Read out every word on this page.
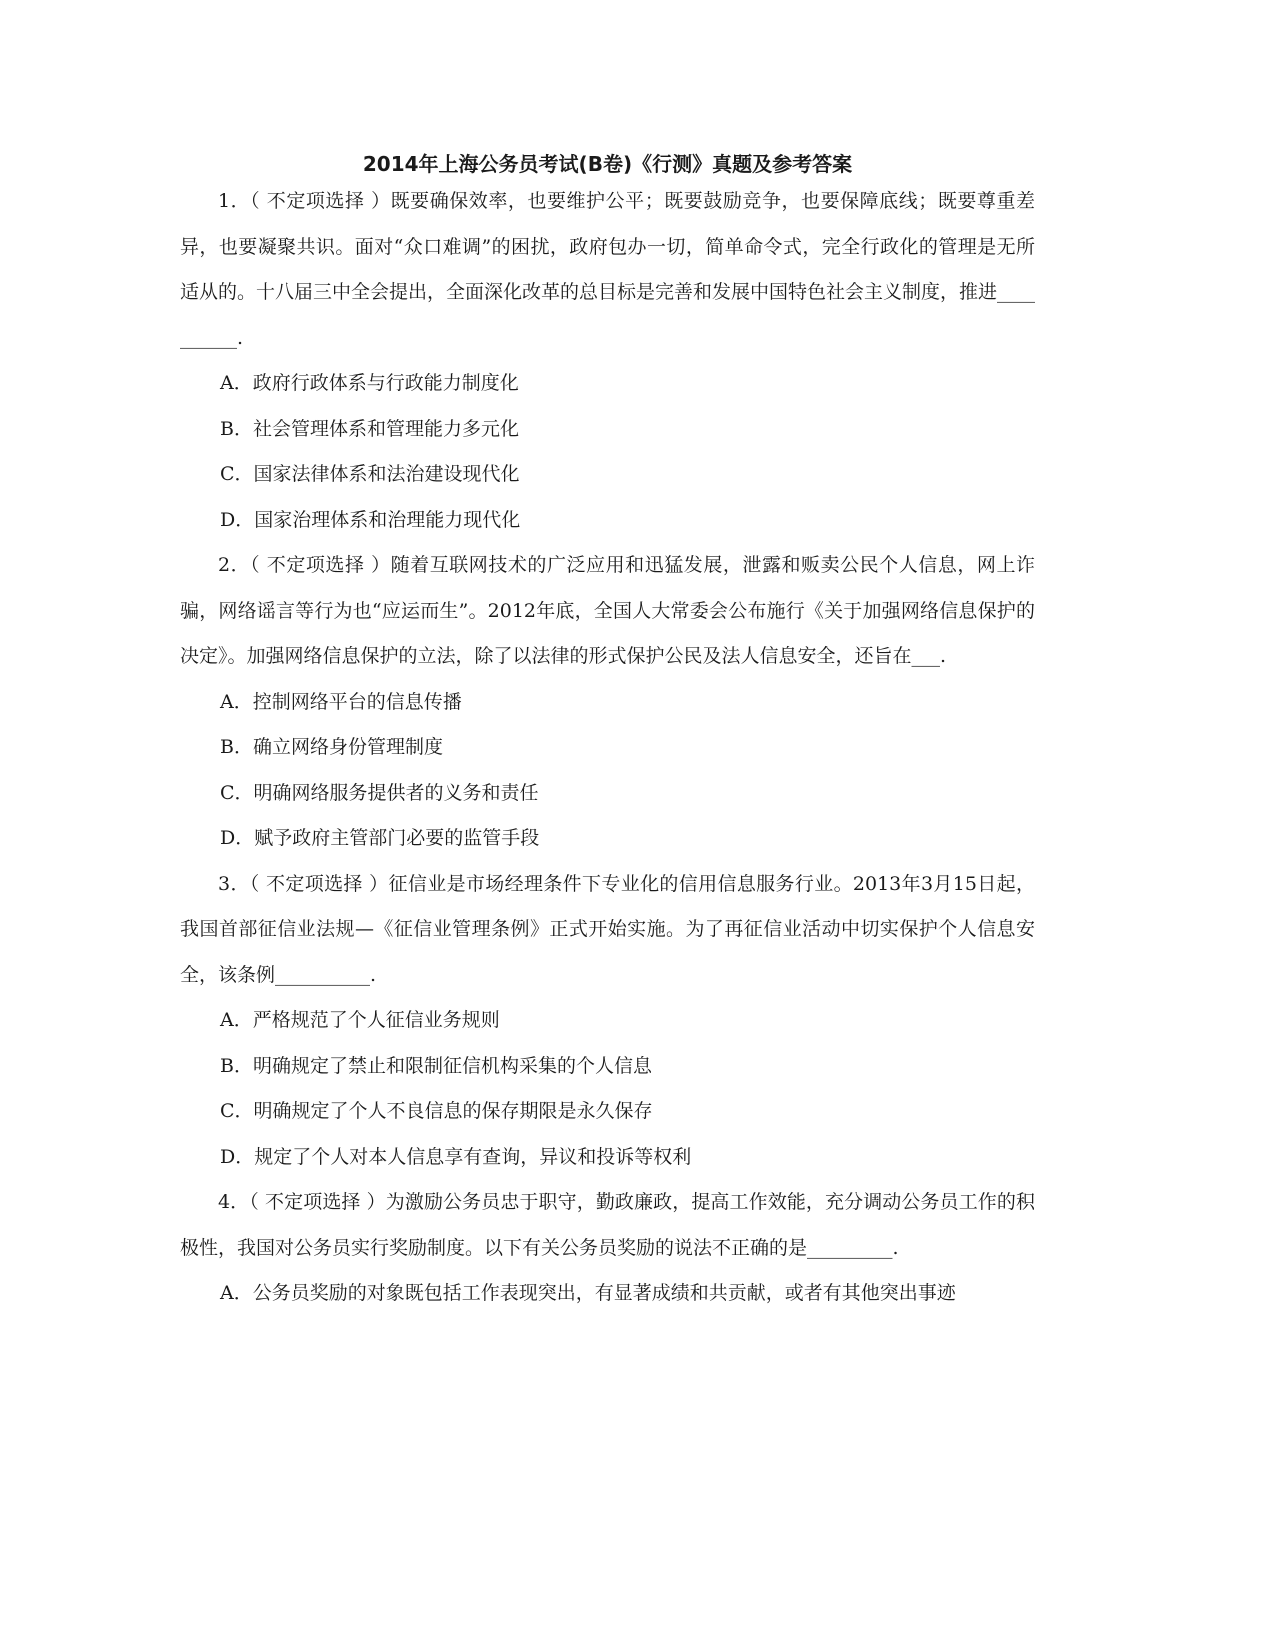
2014年上海公务员考试(B卷)《行测》真题及参考答案

1．（ 不定项选择 ）既要确保效率，也要维护公平；既要鼓励竞争，也要保障底线；既要尊重差异，也要凝聚共识。面对“众口难调”的困扰，政府包办一切，简单命令式，完全行政化的管理是无所适从的。十八届三中全会提出，全面深化改革的总目标是完善和发展中国特色社会主义制度，推进__________.

A．政府行政体系与行政能力制度化

B．社会管理体系和管理能力多元化

C．国家法律体系和法治建设现代化

D．国家治理体系和治理能力现代化

2．（ 不定项选择 ）随着互联网技术的广泛应用和迅猛发展，泄露和贩卖公民个人信息，网上诈骗，网络谣言等行为也“应运而生”。2012年底，全国人大常委会公布施行《关于加强网络信息保护的决定》。加强网络信息保护的立法，除了以法律的形式保护公民及法人信息安全，还旨在___.

A．控制网络平台的信息传播

B．确立网络身份管理制度

C．明确网络服务提供者的义务和责任

D．赋予政府主管部门必要的监管手段

3．（ 不定项选择 ）征信业是市场经理条件下专业化的信用信息服务行业。2013年3月15日起，我国首部征信业法规—《征信业管理条例》正式开始实施。为了再征信业活动中切实保护个人信息安全，该条例__________.

A．严格规范了个人征信业务规则

B．明确规定了禁止和限制征信机构采集的个人信息

C．明确规定了个人不良信息的保存期限是永久保存

D．规定了个人对本人信息享有查询，异议和投诉等权利

4．（ 不定项选择 ）为激励公务员忠于职守，勤政廉政，提高工作效能，充分调动公务员工作的积极性，我国对公务员实行奖励制度。以下有关公务员奖励的说法不正确的是_________.

A．公务员奖励的对象既包括工作表现突出，有显著成绩和共贡献，或者有其他突出事迹
